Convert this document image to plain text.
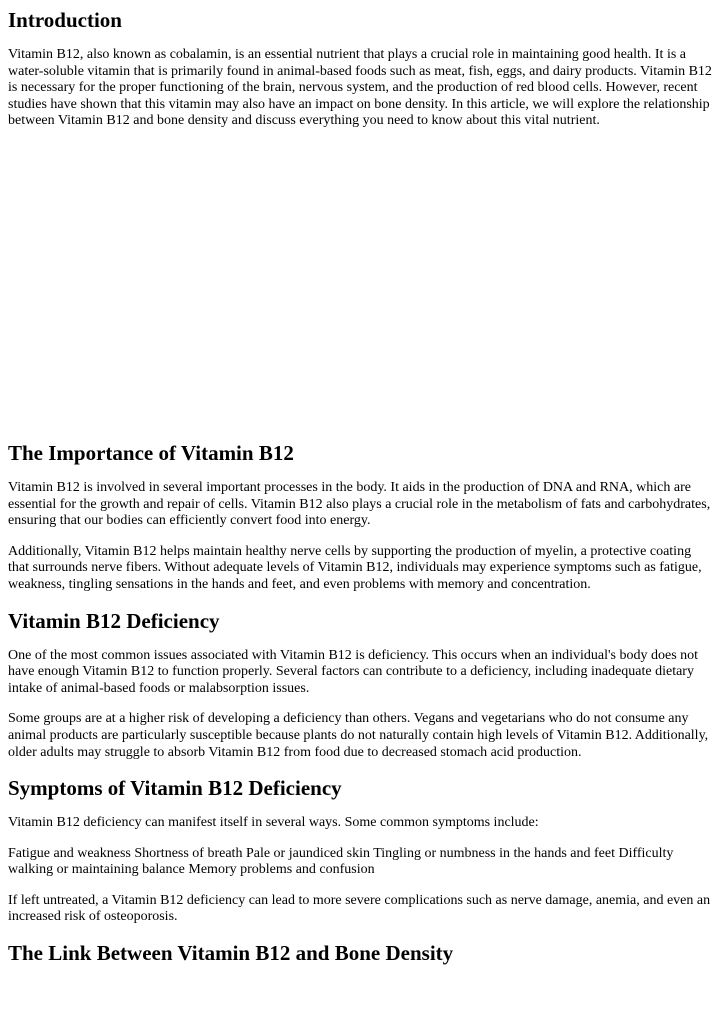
Introduction

Vitamin B12, also known as cobalamin, is an essential nutrient that plays a crucial role in maintaining good health. It is a water-soluble vitamin that is primarily found in animal-based foods such as meat, fish, eggs, and dairy products. Vitamin B12 is necessary for the proper functioning of the brain, nervous system, and the production of red blood cells. However, recent studies have shown that this vitamin may also have an impact on bone density. In this article, we will explore the relationship between Vitamin B12 and bone density and discuss everything you need to know about this vital nutrient.

The Importance of Vitamin B12

Vitamin B12 is involved in several important processes in the body. It aids in the production of DNA and RNA, which are essential for the growth and repair of cells. Vitamin B12 also plays a crucial role in the metabolism of fats and carbohydrates, ensuring that our bodies can efficiently convert food into energy.

Additionally, Vitamin B12 helps maintain healthy nerve cells by supporting the production of myelin, a protective coating that surrounds nerve fibers. Without adequate levels of Vitamin B12, individuals may experience symptoms such as fatigue, weakness, tingling sensations in the hands and feet, and even problems with memory and concentration.

Vitamin B12 Deficiency

One of the most common issues associated with Vitamin B12 is deficiency. This occurs when an individual's body does not have enough Vitamin B12 to function properly. Several factors can contribute to a deficiency, including inadequate dietary intake of animal-based foods or malabsorption issues.

Some groups are at a higher risk of developing a deficiency than others. Vegans and vegetarians who do not consume any animal products are particularly susceptible because plants do not naturally contain high levels of Vitamin B12. Additionally, older adults may struggle to absorb Vitamin B12 from food due to decreased stomach acid production.

Symptoms of Vitamin B12 Deficiency

Vitamin B12 deficiency can manifest itself in several ways. Some common symptoms include:

Fatigue and weakness Shortness of breath Pale or jaundiced skin Tingling or numbness in the hands and feet Difficulty walking or maintaining balance Memory problems and confusion

If left untreated, a Vitamin B12 deficiency can lead to more severe complications such as nerve damage, anemia, and even an increased risk of osteoporosis.

The Link Between Vitamin B12 and Bone Density
